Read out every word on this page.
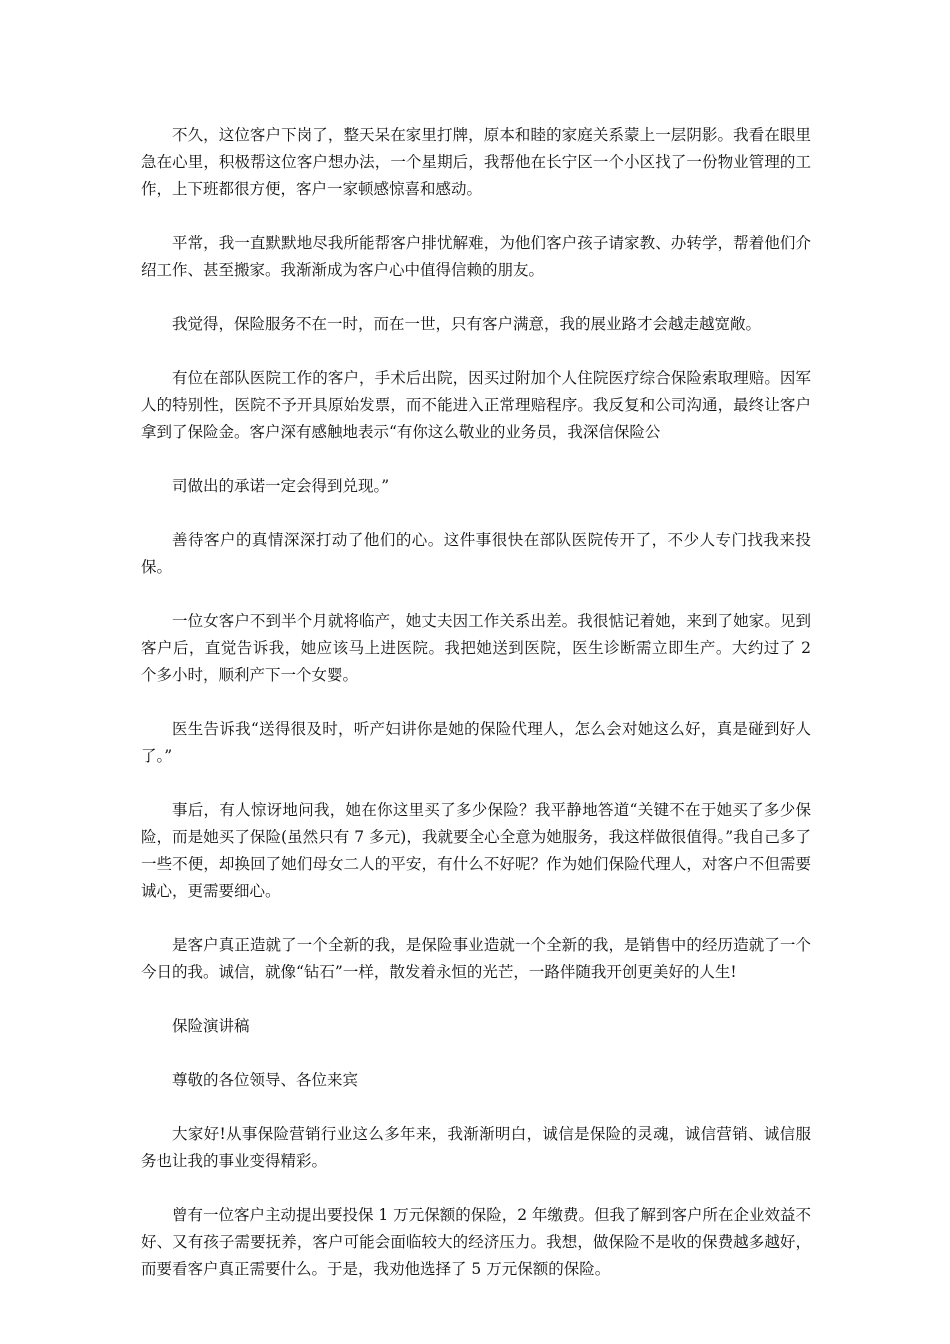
不久，这位客户下岗了，整天呆在家里打牌，原本和睦的家庭关系蒙上一层阴影。我看在眼里急在心里，积极帮这位客户想办法，一个星期后，我帮他在长宁区一个小区找了一份物业管理的工作，上下班都很方便，客户一家顿感惊喜和感动。

平常，我一直默默地尽我所能帮客户排忧解难，为他们客户孩子请家教、办转学，帮着他们介绍工作、甚至搬家。我渐渐成为客户心中值得信赖的朋友。

我觉得，保险服务不在一时，而在一世，只有客户满意，我的展业路才会越走越宽敞。

有位在部队医院工作的客户，手术后出院，因买过附加个人住院医疗综合保险索取理赔。因军人的特别性，医院不予开具原始发票，而不能进入正常理赔程序。我反复和公司沟通，最终让客户拿到了保险金。客户深有感触地表示“有你这么敬业的业务员，我深信保险公

司做出的承诺一定会得到兑现。”

善待客户的真情深深打动了他们的心。这件事很快在部队医院传开了，不少人专门找我来投保。

一位女客户不到半个月就将临产，她丈夫因工作关系出差。我很惦记着她，来到了她家。见到客户后，直觉告诉我，她应该马上进医院。我把她送到医院，医生诊断需立即生产。大约过了 2 个多小时，顺利产下一个女婴。

医生告诉我“送得很及时，听产妇讲你是她的保险代理人，怎么会对她这么好，真是碰到好人了。”

事后，有人惊讶地问我，她在你这里买了多少保险？我平静地答道“关键不在于她买了多少保险，而是她买了保险(虽然只有 7 多元)，我就要全心全意为她服务，我这样做很值得。”我自己多了一些不便，却换回了她们母女二人的平安，有什么不好呢？作为她们保险代理人，对客户不但需要诚心，更需要细心。

是客户真正造就了一个全新的我，是保险事业造就一个全新的我，是销售中的经历造就了一个今日的我。诚信，就像“钻石”一样，散发着永恒的光芒，一路伴随我开创更美好的人生!

保险演讲稿

尊敬的各位领导、各位来宾

大家好!从事保险营销行业这么多年来，我渐渐明白，诚信是保险的灵魂，诚信营销、诚信服务也让我的事业变得精彩。

曾有一位客户主动提出要投保 1 万元保额的保险，2 年缴费。但我了解到客户所在企业效益不好、又有孩子需要抚养，客户可能会面临较大的经济压力。我想，做保险不是收的保费越多越好，而要看客户真正需要什么。于是，我劝他选择了 5 万元保额的保险。
